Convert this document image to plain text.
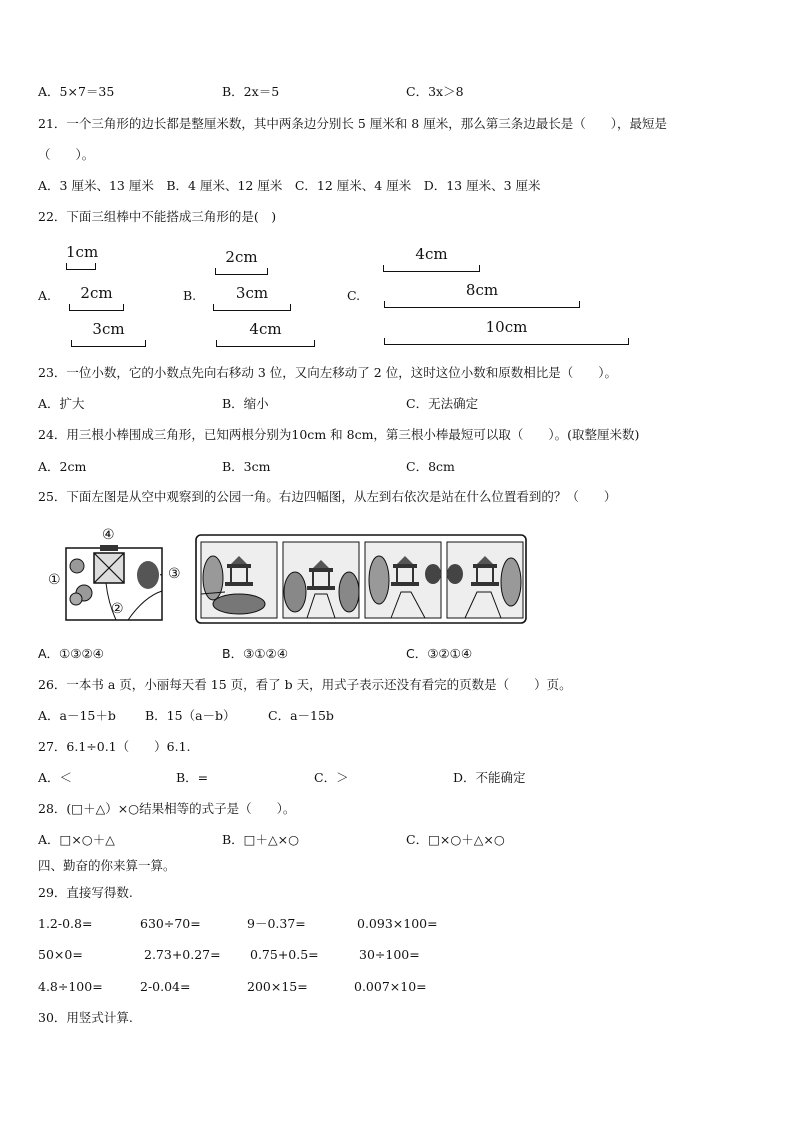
A．5×7＝35	B．2x＝5	C．3x＞8
21．一个三角形的边长都是整厘米数，其中两条边分别长 5 厘米和 8 厘米，那么第三条边最长是（　　），最短是
（　　）。
A．3 厘米、13 厘米　B．4 厘米、12 厘米　C．12 厘米、4 厘米　D．13 厘米、3 厘米
22．下面三组棒中不能搭成三角形的是(　)
A.	B.	C.
1cm
2cm
3cm
2cm
3cm
4cm
4cm
8cm
10cm
23．一位小数，它的小数点先向右移动 3 位，又向左移动了 2 位，这时这位小数和原数相比是（　　）。
A．扩大	B．缩小	C．无法确定
24．用三根小棒围成三角形，已知两根分别为10cm 和 8cm，第三根小棒最短可以取（　　）。(取整厘米数)
A．2cm	B．3cm	C．8cm
25．下面左图是从空中观察到的公园一角。右边四幅图，从左到右依次是站在什么位置看到的？（　　）
④
①	③
②
·
A．①③②④	B．③①②④	C．③②①④
26．一本书 a 页，小丽每天看 15 页，看了 b 天，用式子表示还没有看完的页数是（　　）页。
A．a－15＋b B．15（a－b）	C．a－15b
27．6.1÷0.1（　　）6.1.
A．＜	B．=	C．＞	D．不能确定
28．(□＋△）×○结果相等的式子是（　　）。
A．□×○＋△	B．□＋△×○	C．□×○＋△×○
四、勤奋的你来算一算。
29．直接写得数.
1.2-0.8=	630÷70=	9－0.37=	0.093×100=
50×0=	2.73+0.27= 0.75+0.5=	30÷100=
4.8÷100=	2-0.04=	200×15=	0.007×10=
30．用竖式计算.
